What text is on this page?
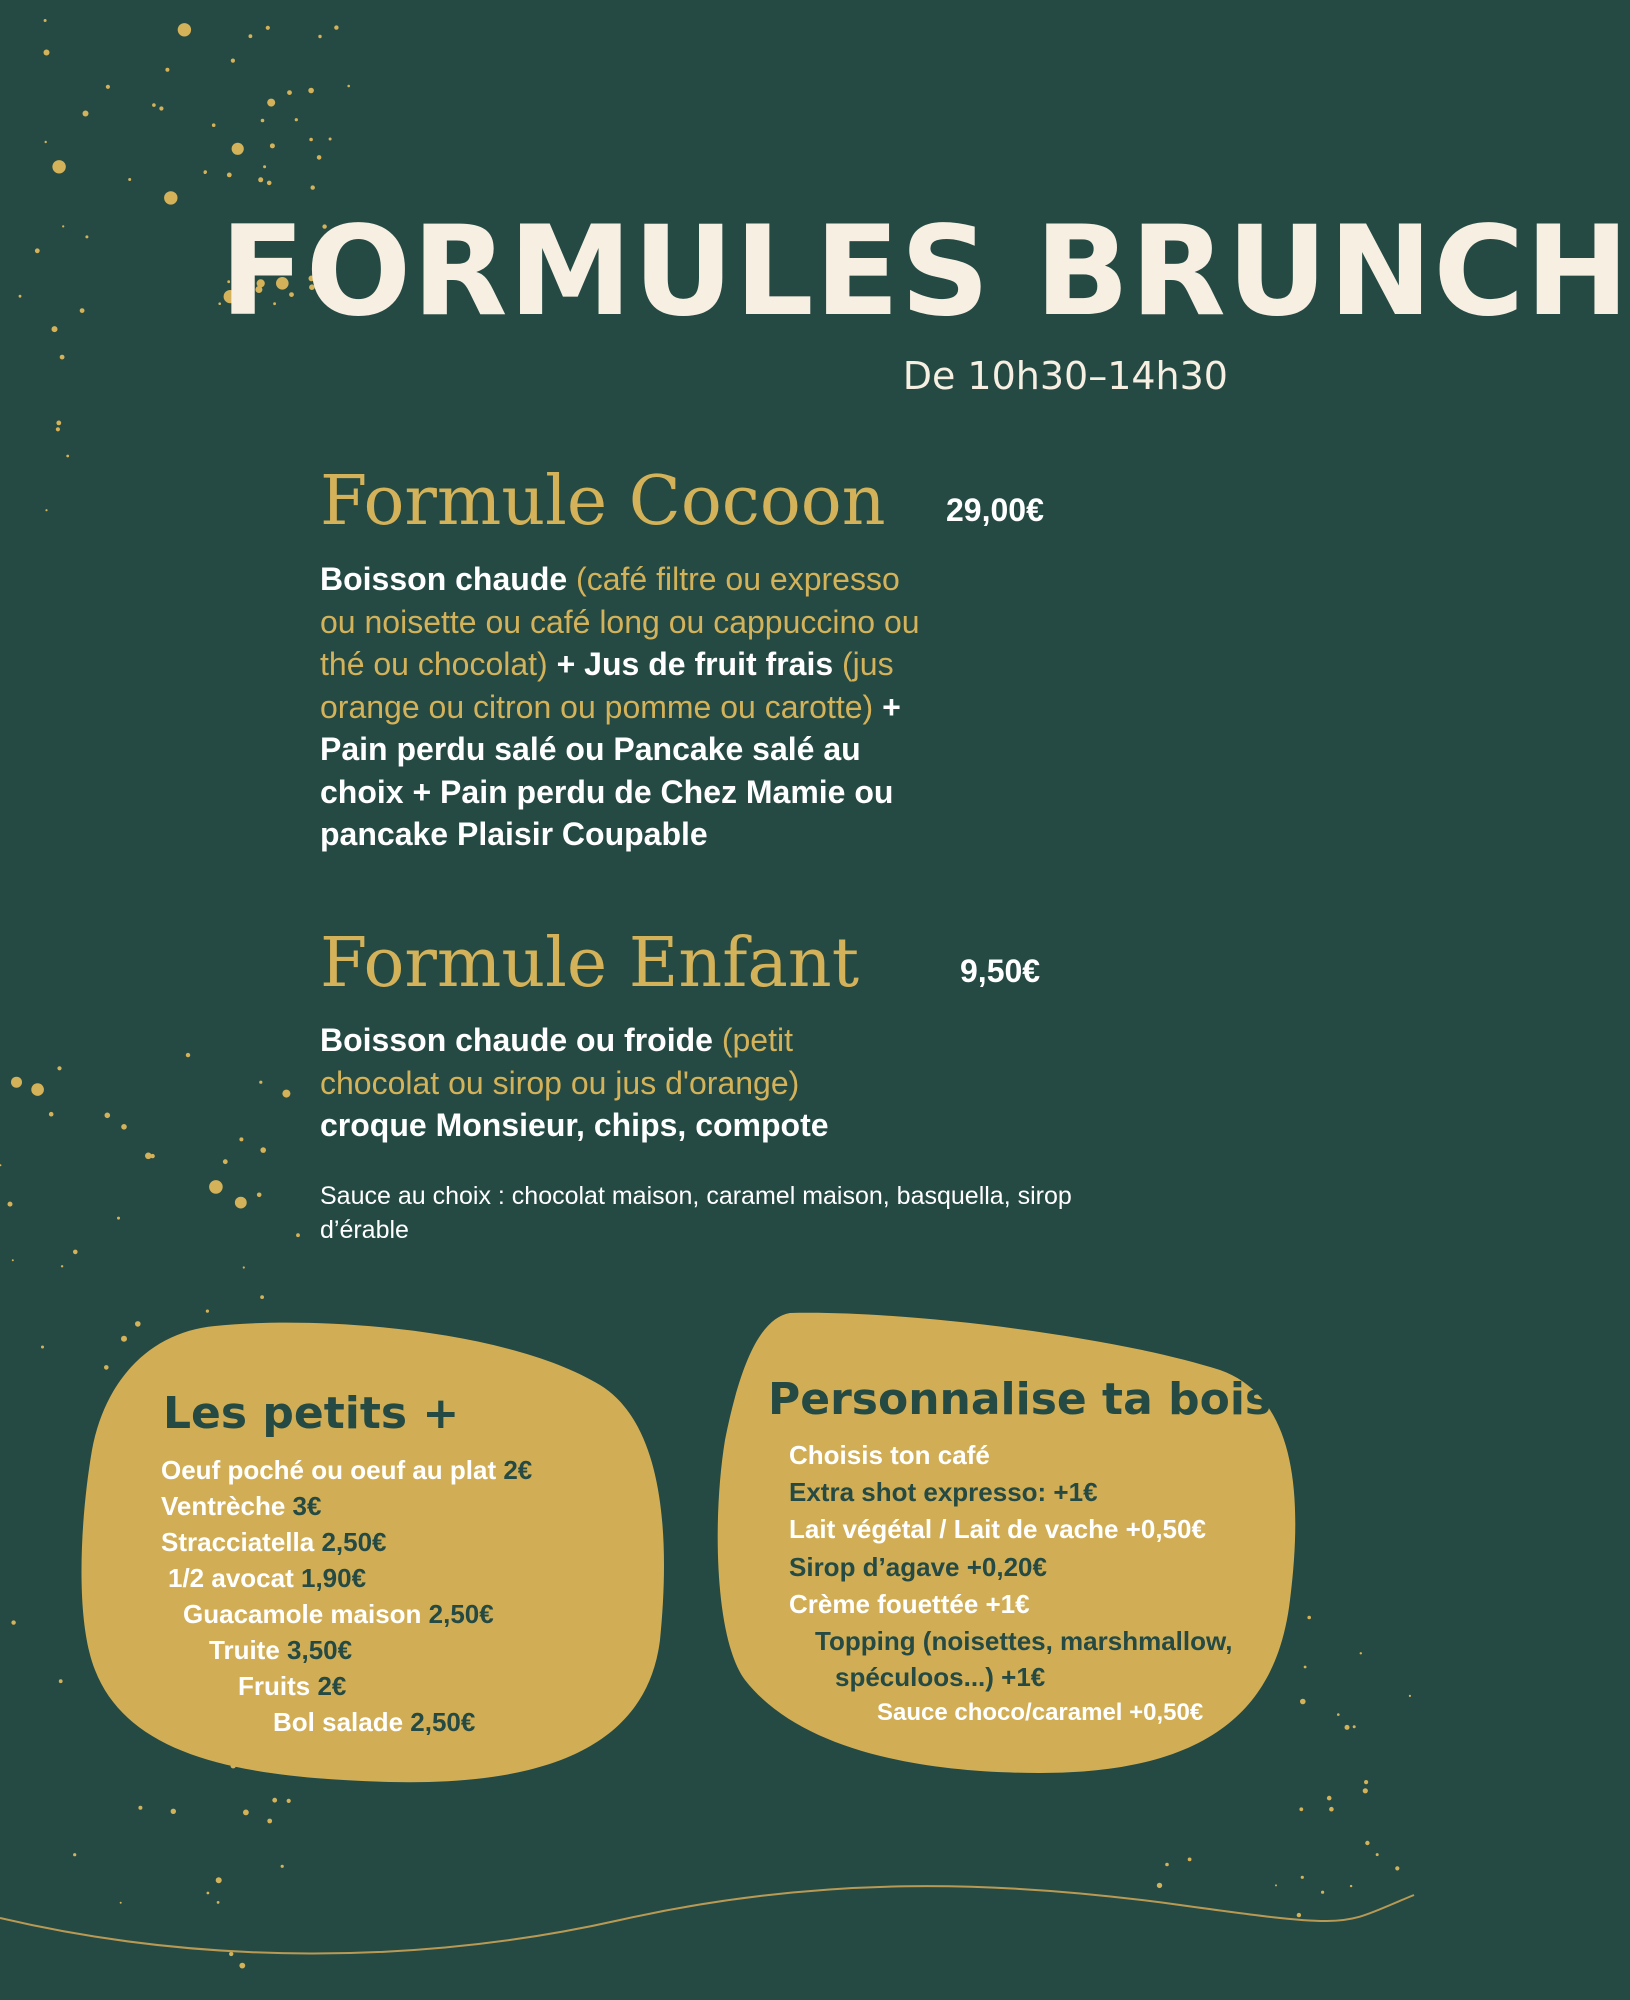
FORMULES BRUNCH
De 10h30–14h30
Formule Cocoon 29,00€
Boisson chaude (café filtre ou expresso ou noisette ou café long ou cappuccino ou thé ou chocolat) + Jus de fruit frais (jus orange ou citron ou pomme ou carotte) + Pain perdu salé ou Pancake salé au choix + Pain perdu de Chez Mamie ou pancake Plaisir Coupable
Formule Enfant	9,50€
Boisson chaude ou froide (petit chocolat ou sirop ou jus d'orange) croque Monsieur, chips, compote
Sauce au choix : chocolat maison, caramel maison, basquella, sirop d’érable
Les petits +
Oeuf poché ou oeuf au plat 2€
Ventrèche 3€
Stracciatella 2,50€
1/2 avocat 1,90€
Guacamole maison 2,50€
Truite 3,50€
Fruits 2€
Bol salade 2,50€
Personnalise ta boisson
Choisis ton café
Extra shot expresso: +1€
Lait végétal / Lait de vache +0,50€
Sirop d’agave +0,20€
Crème fouettée +1€
Topping (noisettes, marshmallow,
spéculoos...) +1€
Sauce choco/caramel +0,50€
